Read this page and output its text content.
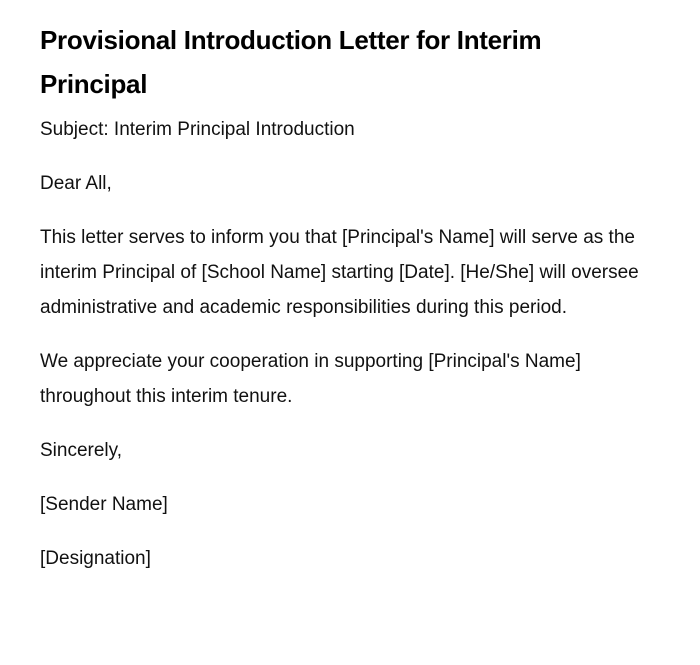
Provisional Introduction Letter for Interim Principal

Subject: Interim Principal Introduction

Dear All,

This letter serves to inform you that [Principal's Name] will serve as the interim Principal of [School Name] starting [Date]. [He/She] will oversee administrative and academic responsibilities during this period.

We appreciate your cooperation in supporting [Principal's Name] throughout this interim tenure.

Sincerely,

[Sender Name]

[Designation]
